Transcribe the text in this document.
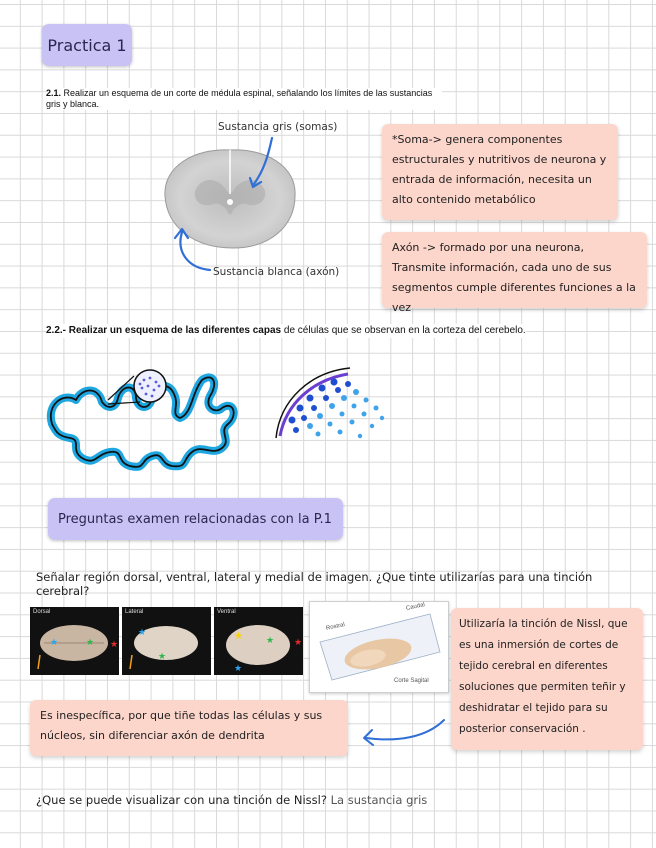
Practica 1
2.1. Realizar un esquema de un corte de médula espinal, señalando los límites de las sustancias gris y blanca.
Sustancia gris (somas)
Sustancia blanca (axón)
*Soma-> genera componentes estructurales y nutritivos de neurona y entrada de información, necesita un alto contenido metabólico
Axón -> formado por una neurona, Transmite información, cada uno de sus segmentos cumple diferentes funciones a la vez
2.2.- Realizar un esquema de las diferentes capas de células que se observan en la corteza del cerebelo.
Preguntas examen relacionadas con la P.1
Señalar región dorsal, ventral, lateral y medial de imagen. ¿Que tinte utilizarías para una tinción cerebral?
Dorsal
★	★ ★
Lateral
★
★
Ventral
★	★ ★
★
Rostral
Caudal
Corte Sagital
Utilizaría la tinción de Nissl, que es una inmersión de cortes de tejido cerebral en diferentes soluciones que permiten teñir y deshidratar el tejido para su posterior conservación .
Es inespecífica, por que tiñe todas las células y sus núcleos, sin diferenciar axón de dendrita
¿Que se puede visualizar con una tinción de Nissl? La sustancia gris
